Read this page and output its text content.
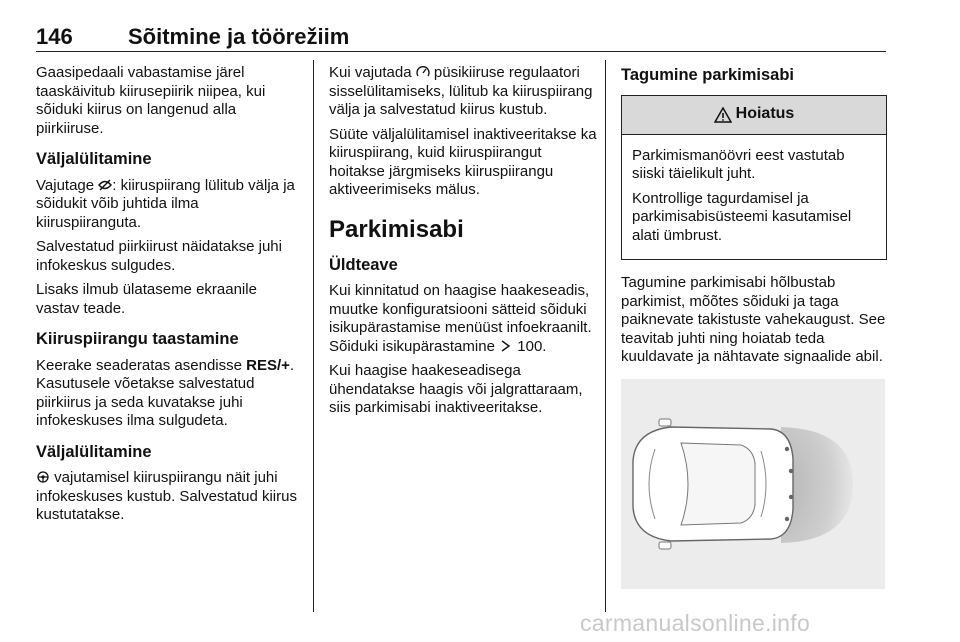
146	Sõitmine ja töörežiim

Gaasipedaali vabastamise järel taaskäivitub kiirusepiirik niipea, kui sõiduki kiirus on langenud alla piirkiiruse.

Väljalülitamine

Vajutage
: kiiruspiirang lülitub välja ja sõidukit võib juhtida ilma kiiruspiiranguta.

Salvestatud piirkiirust näidatakse juhi infokeskus sulgudes.

Lisaks ilmub ülataseme ekraanile vastav teade.

Kiiruspiirangu taastamine

Keerake seaderatas asendisse RES/+. Kasutusele võetakse salvestatud piirkiirus ja seda kuvatakse juhi infokeskuses ilma sulgudeta.

Väljalülitamine

vajutamisel kiiruspiirangu näit juhi infokeskuses kustub. Salvestatud kiirus kustutatakse.

Kui vajutada
püsikiiruse regulaatori sisselülitamiseks, lülitub ka kiiruspiirang välja ja salvestatud kiirus kustub.

Süüte väljalülitamisel inaktiveeritakse ka kiiruspiirang, kuid kiiruspiirangut hoitakse järgmiseks kiiruspiirangu aktiveerimiseks mälus.

Parkimisabi
Üldteave

Kui kinnitatud on haagise haakeseadis, muutke konfiguratsiooni sätteid sõiduki isikupärastamise menüüst infoekraanilt. Sõiduki isikupärastamine
100.

Kui haagise haakeseadisega ühendatakse haagis või jalgrattaraam, siis parkimisabi inaktiveeritakse.

Tagumine parkimisabi
Hoiatus

Parkimismanöövri eest vastutab siiski täielikult juht.

Kontrollige tagurdamisel ja parkimisabisüsteemi kasutamisel alati ümbrust.

Tagumine parkimisabi hõlbustab parkimist, mõõtes sõiduki ja taga paiknevate takistuste vahekaugust. See teavitab juhti ning hoiatab teda kuuldavate ja nähtavate signaalide abil.

carmanualsonline.info
